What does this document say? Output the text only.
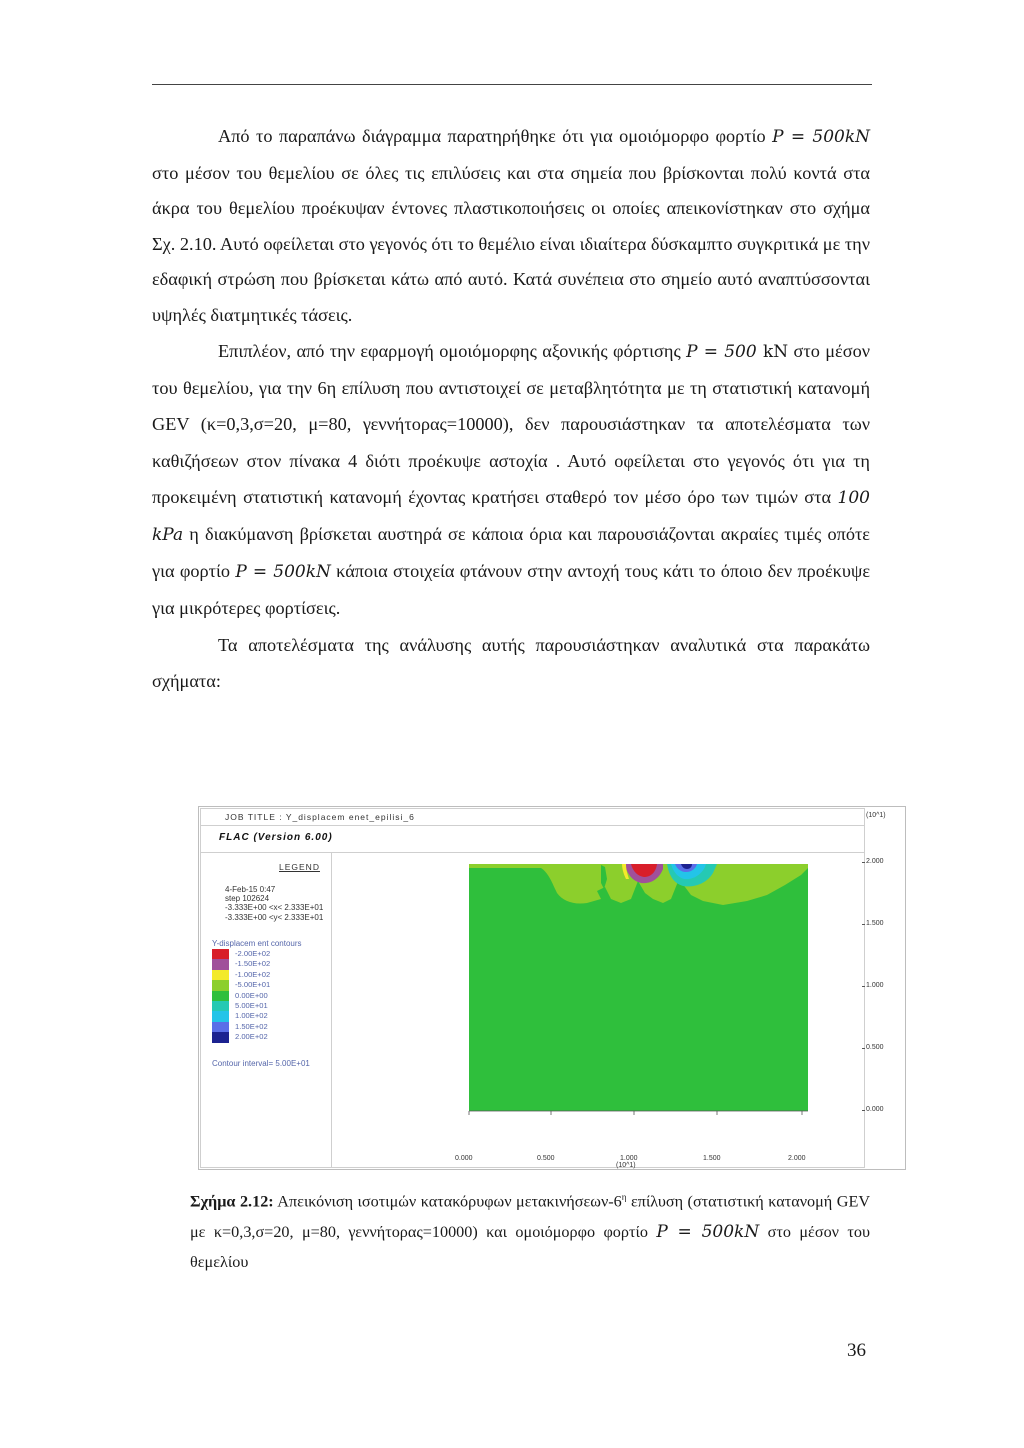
Από το παραπάνω διάγραμμα παρατηρήθηκε ότι για ομοιόμορφο φορτίο P = 500kN στο μέσον του θεμελίου σε όλες τις επιλύσεις και στα σημεία που βρίσκονται πολύ κοντά στα άκρα του θεμελίου προέκυψαν έντονες πλαστικοποιήσεις οι οποίες απεικονίστηκαν στο σχήμα Σχ. 2.10. Αυτό οφείλεται στο γεγονός ότι το θεμέλιο είναι ιδιαίτερα δύσκαμπτο συγκριτικά με την εδαφική στρώση που βρίσκεται κάτω από αυτό. Κατά συνέπεια στο σημείο αυτό αναπτύσσονται υψηλές διατμητικές τάσεις.

Επιπλέον, από την εφαρμογή ομοιόμορφης αξονικής φόρτισης P = 500 kN στο μέσον του θεμελίου, για την 6η επίλυση που αντιστοιχεί σε μεταβλητότητα με τη στατιστική κατανομή GEV (κ=0,3,σ=20, μ=80, γεννήτορας=10000), δεν παρουσιάστηκαν τα αποτελέσματα των καθιζήσεων στον πίνακα 4 διότι προέκυψε αστοχία . Αυτό οφείλεται στο γεγονός ότι για τη προκειμένη στατιστική κατανομή έχοντας κρατήσει σταθερό τον μέσο όρο των τιμών στα 100 kPa η διακύμανση βρίσκεται αυστηρά σε κάποια όρια και παρουσιάζονται ακραίες τιμές οπότε για φορτίο P = 500kN κάποια στοιχεία φτάνουν στην αντοχή τους κάτι το όποιο δεν προέκυψε για μικρότερες φορτίσεις.

Τα αποτελέσματα της ανάλυσης αυτής παρουσιάστηκαν αναλυτικά στα παρακάτω σχήματα:

JOB TITLE : Y_displacem enet_epilisi_6
FLAC (Version 6.00)
LEGEND
4-Feb-15 0:47
step 102624
-3.333E+00 <x< 2.333E+01
-3.333E+00 <y< 2.333E+01
Y-displacem ent contours
-2.00E+02
-1.50E+02
-1.00E+02
-5.00E+01
0.00E+00
5.00E+01
1.00E+02
1.50E+02
2.00E+02
Contour interval= 5.00E+01
0.000	0.500	1.000	1.500	2.000
(10^1)
(10^1)
2.000
1.500
1.000
0.500
0.000

Σχήμα 2.12: Απεικόνιση ισοτιμών κατακόρυφων μετακινήσεων-$6^\eta$ επίλυση (στατιστική κατανομή GEV με κ=0,3,σ=20, μ=80, γεννήτορας=10000) και ομοιόμορφο φορτίο P = 500kN στο μέσον του θεμελίου

36
